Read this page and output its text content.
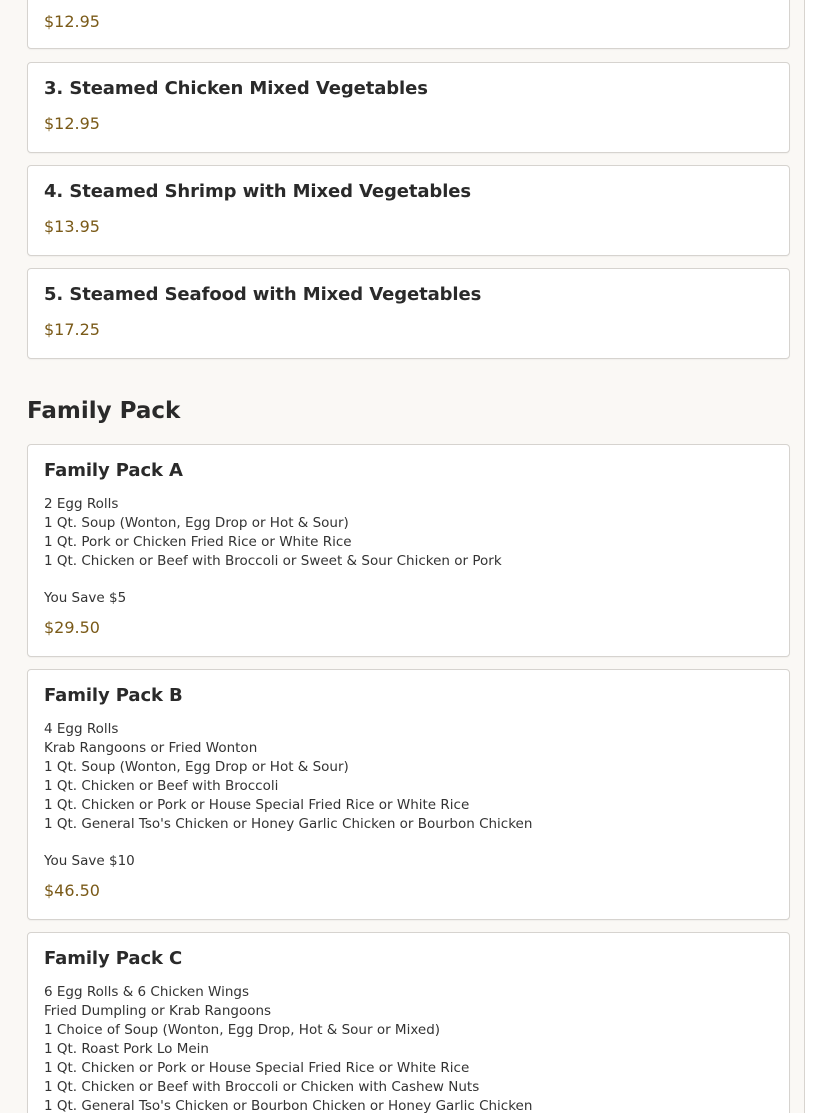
$12.95
3. Steamed Chicken Mixed Vegetables
$12.95
4. Steamed Shrimp with Mixed Vegetables
$13.95
5. Steamed Seafood with Mixed Vegetables
$17.25
Family Pack
Family Pack A
2 Egg Rolls
1 Qt. Soup (Wonton, Egg Drop or Hot & Sour)
1 Qt. Pork or Chicken Fried Rice or White Rice
1 Qt. Chicken or Beef with Broccoli or Sweet & Sour Chicken or Pork
You Save $5
$29.50
Family Pack B
4 Egg Rolls
Krab Rangoons or Fried Wonton
1 Qt. Soup (Wonton, Egg Drop or Hot & Sour)
1 Qt. Chicken or Beef with Broccoli
1 Qt. Chicken or Pork or House Special Fried Rice or White Rice
1 Qt. General Tso's Chicken or Honey Garlic Chicken or Bourbon Chicken
You Save $10
$46.50
Family Pack C
6 Egg Rolls & 6 Chicken Wings
Fried Dumpling or Krab Rangoons
1 Choice of Soup (Wonton, Egg Drop, Hot & Sour or Mixed)
1 Qt. Roast Pork Lo Mein
1 Qt. Chicken or Pork or House Special Fried Rice or White Rice
1 Qt. Chicken or Beef with Broccoli or Chicken with Cashew Nuts
1 Qt. General Tso's Chicken or Bourbon Chicken or Honey Garlic Chicken
